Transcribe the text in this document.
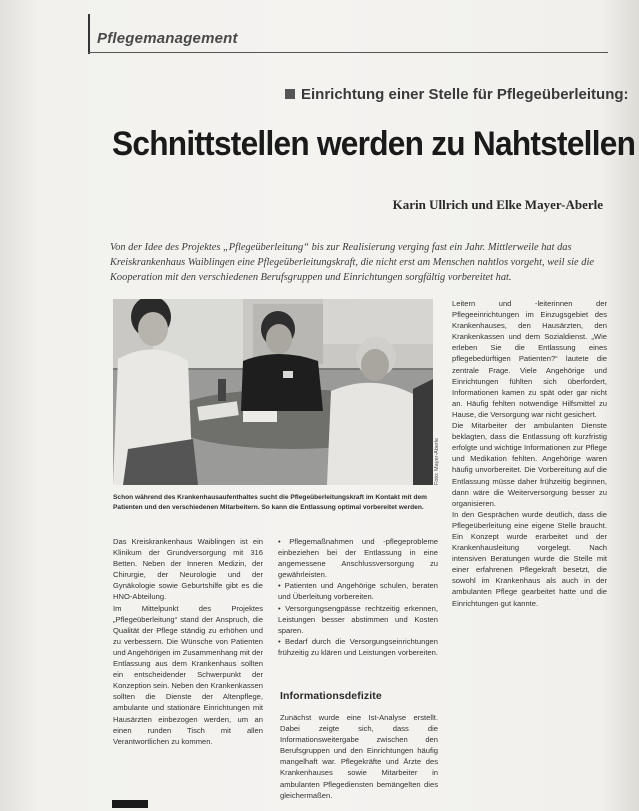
Pflegemanagement
Einrichtung einer Stelle für Pflegeüberleitung:
Schnittstellen werden zu Nahtstellen
Karin Ullrich und Elke Mayer-Aberle
Von der Idee des Projektes „Pflegeüberleitung“ bis zur Realisierung verging fast ein Jahr. Mittlerweile hat das Kreiskrankenhaus Waiblingen eine Pflegeüberleitungskraft, die nicht erst am Menschen nahtlos vorgeht, weil sie die Kooperation mit den verschiedenen Berufsgruppen und Einrichtungen sorgfältig vorbereitet hat.
Foto: Mayer-Aberle
Schon während des Krankenhausaufenthaltes sucht die Pflegeüberleitungskraft im Kontakt mit dem Patienten und den verschiedenen Mitarbeitern. So kann die Entlassung optimal vorbereitet werden.
Das Kreiskrankenhaus Waiblingen ist ein Klinikum der Grundversorgung mit 316 Betten. Neben der Inneren Medizin, der Chirurgie, der Neurologie und der Gynäkologie sowie Geburtshilfe gibt es die HNO-Abteilung.
Im Mittelpunkt des Projektes „Pflegeüberleitung“ stand der Anspruch, die Qualität der Pflege ständig zu erhöhen und zu verbessern. Die Wünsche von Patienten und Angehörigen im Zusammenhang mit der Entlassung aus dem Krankenhaus sollten ein entscheidender Schwerpunkt der Konzeption sein. Neben den Krankenkassen sollten die Dienste der Altenpflege, ambulante und stationäre Einrichtungen mit Hausärzten einbezogen werden, um an einen runden Tisch mit allen Verantwortlichen zu kommen.
• Pflegemaßnahmen und -pflegeprobleme einbeziehen bei der Entlassung in eine angemessene Anschlussversorgung zu gewährleisten.
• Patienten und Angehörige schulen, beraten und Überleitung vorbereiten.
• Versorgungsengpässe rechtzeitig erkennen, Leistungen besser abstimmen und Kosten sparen.
• Bedarf durch die Versorgungseinrichtungen frühzeitig zu klären und Leistungen vorbereiten.
Informationsdefizite
Zunächst wurde eine Ist-Analyse erstellt. Dabei zeigte sich, dass die Informationsweitergabe zwischen den Berufsgruppen und den Einrichtungen häufig mangelhaft war. Pflegekräfte und Ärzte des Krankenhauses sowie Mitarbeiter in ambulanten Pflegediensten bemängelten dies gleichermaßen.
Leitern und -leiterinnen der Pflegeeinrichtungen im Einzugsgebiet des Krankenhauses, den Hausärzten, den Krankenkassen und dem Sozialdienst. „Wie erleben Sie die Entlassung eines pflegebedürftigen Patienten?“ lautete die zentrale Frage. Viele Angehörige und Einrichtungen fühlten sich überfordert, Informationen kamen zu spät oder gar nicht an. Häufig fehlten notwendige Hilfsmittel zu Hause, die Versorgung war nicht gesichert.
Die Mitarbeiter der ambulanten Dienste beklagten, dass die Entlassung oft kurzfristig erfolgte und wichtige Informationen zur Pflege und Medikation fehlten. Angehörige waren häufig unvorbereitet. Die Vorbereitung auf die Entlassung müsse daher frühzeitig beginnen, dann wäre die Weiterversorgung besser zu organisieren.
In den Gesprächen wurde deutlich, dass die Pflegeüberleitung eine eigene Stelle braucht. Ein Konzept wurde erarbeitet und der Krankenhausleitung vorgelegt. Nach intensiven Beratungen wurde die Stelle mit einer erfahrenen Pflegekraft besetzt, die sowohl im Krankenhaus als auch in der ambulanten Pflege gearbeitet hatte und die Einrichtungen gut kannte.
